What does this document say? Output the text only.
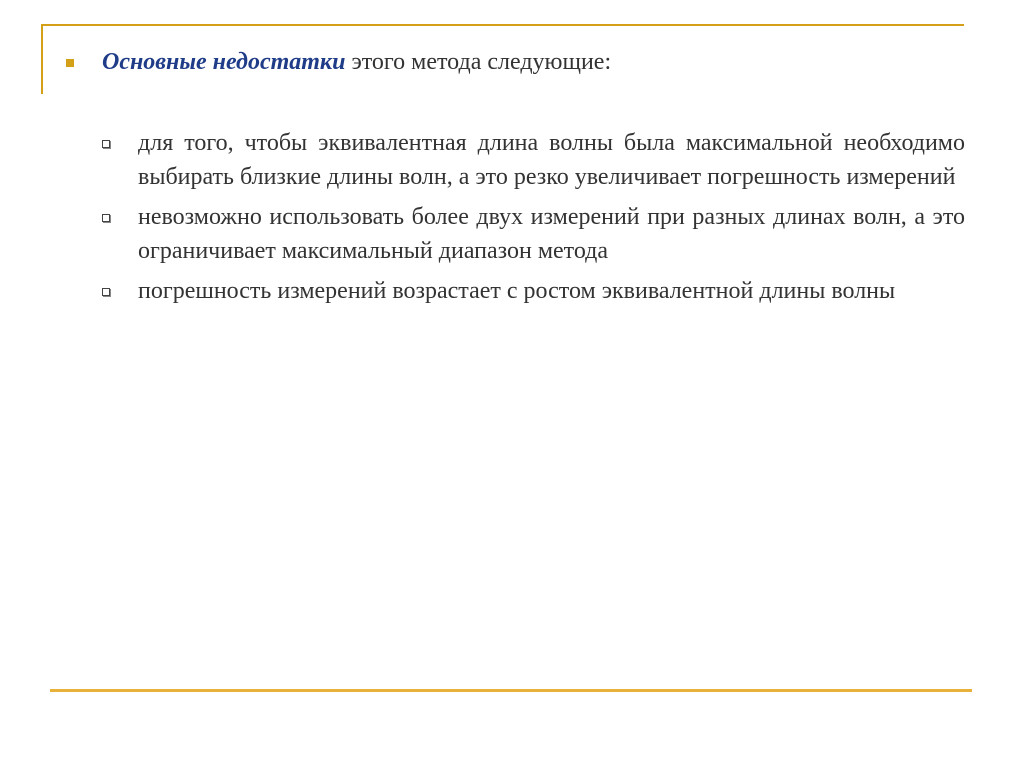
Основные недостатки этого метода следующие:
для того, чтобы эквивалентная длина волны была максимальной необходимо выбирать близкие длины волн, а это резко увеличивает погрешность измерений
невозможно использовать более двух измерений при разных длинах волн, а это ограничивает максимальный диапазон метода
погрешность измерений возрастает с ростом эквивалентной длины волны
